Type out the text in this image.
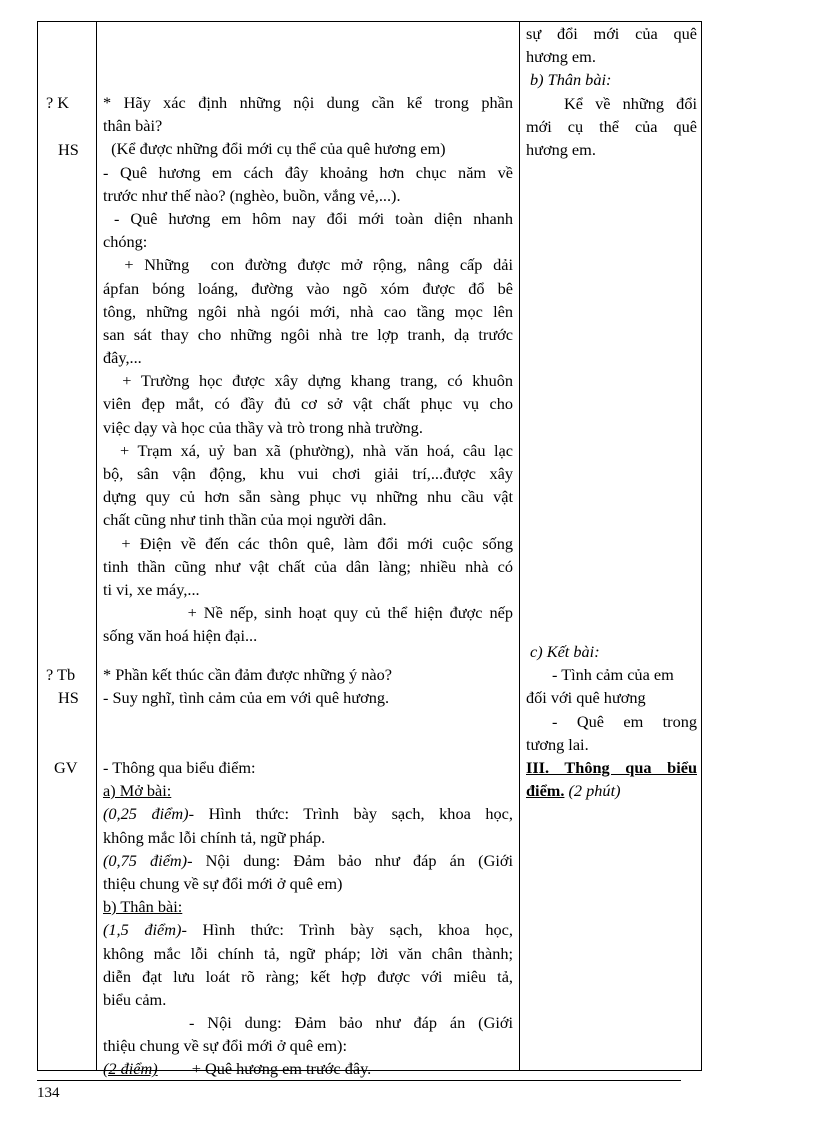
? K
HS
? Tb
HS
GV
* Hãy xác định những nội dung cần kể trong phần
thân bài?
(Kể được những đổi mới cụ thể của quê hương em)
- Quê hương em cách đây khoảng hơn chục năm về
trước như thế nào? (nghèo, buồn, vắng vẻ,...).
- Quê hương em hôm nay đổi mới toàn diện nhanh
chóng:
+ Những  con đường được mở rộng, nâng cấp dải
ápfan bóng loáng, đường vào ngõ xóm được đổ bê
tông, những ngôi nhà ngói mới, nhà cao tầng mọc lên
san sát thay cho những ngôi nhà tre lợp tranh, dạ trước
đây,...
+ Trường học được xây dựng khang trang, có khuôn
viên đẹp mắt, có đầy đủ cơ sở vật chất phục vụ cho
việc dạy và học của thầy và trò trong nhà trường.
+ Trạm xá, uỷ ban xã (phường), nhà văn hoá, câu lạc
bộ, sân vận động, khu vui chơi giải trí,...được xây
dựng quy củ hơn sẵn sàng phục vụ những nhu cầu vật
chất cũng như tinh thần của mọi người dân.
+ Điện về đến các thôn quê, làm đổi mới cuộc sống
tinh thần cũng như vật chất của dân làng; nhiều nhà có
ti vi, xe máy,...
+ Nề nếp, sinh hoạt quy củ thể hiện được nếp
sống văn hoá hiện đại...
* Phần kết thúc cần đảm được những ý nào?
- Suy nghĩ, tình cảm của em với quê hương.
- Thông qua biểu điểm:
a) Mở bài:
(0,25 điểm)- Hình thức: Trình bày sạch, khoa học,
không mắc lỗi chính tả, ngữ pháp.
(0,75 điểm)- Nội dung: Đảm bảo như đáp án (Giới
thiệu chung về sự đổi mới ở quê em)
b) Thân bài:
(1,5 điểm)- Hình thức: Trình bày sạch, khoa học,
không mắc lỗi chính tả, ngữ pháp; lời văn chân thành;
diễn đạt lưu loát rõ ràng; kết hợp được với miêu tả,
biểu cảm.
- Nội dung: Đảm bảo như đáp án (Giới
thiệu chung về sự đổi mới ở quê em):
(2 điểm) + Quê hương em trước đây.
sự đổi mới của quê
hương em.
b) Thân bài:
Kể về những đổi
mới cụ thể của quê
hương em.
c) Kết bài:
- Tình cảm của em
đối với quê hương
- Quê em trong
tương lai.
III. Thông qua biểu
điểm. (2 phút)
134
